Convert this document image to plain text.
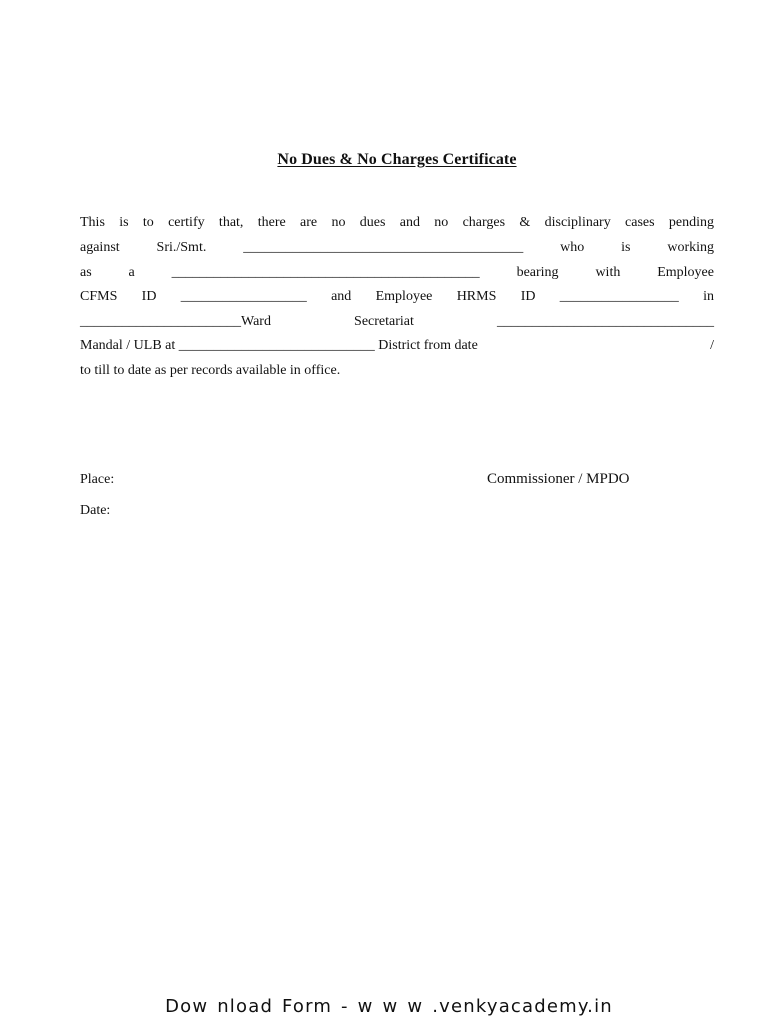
No Dues & No Charges Certificate
This is to certify that, there are no dues and no charges & disciplinary cases pending
against Sri./Smt. ________________________________________ who is working
as a ____________________________________________ bearing with Employee
CFMS ID __________________ and Employee HRMS ID _________________ in
_______________________Ward Secretariat _______________________________

Mandal / ULB at ____________________________ District from date

	/

to till to date as per records available in office.
Place:	Commissioner / MPDO
Date:
Dow nload Form - w w w .venkyacademy.in
